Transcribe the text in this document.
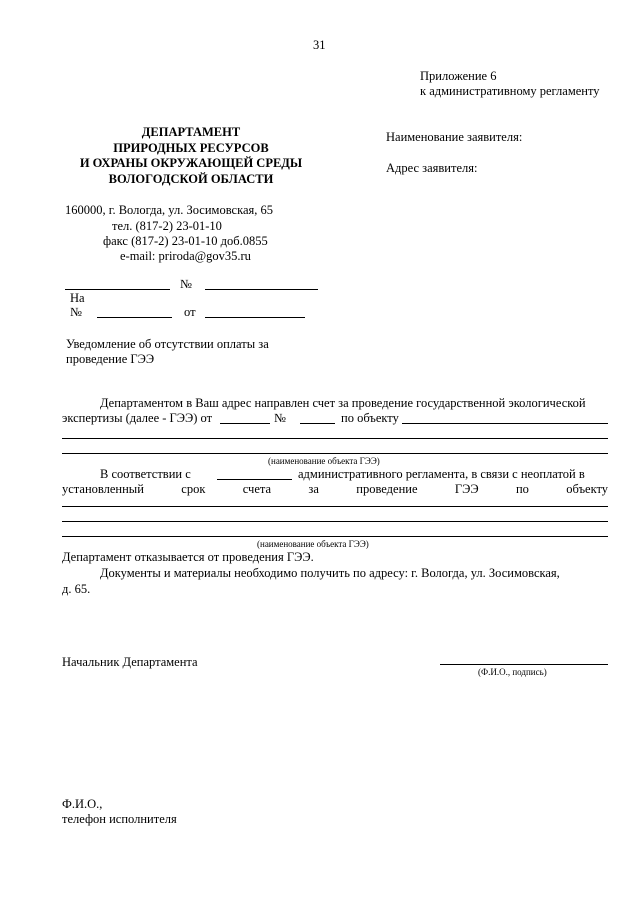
31
Приложение 6
к административному регламенту
ДЕПАРТАМЕНТ
ПРИРОДНЫХ РЕСУРСОВ
И ОХРАНЫ ОКРУЖАЮЩЕЙ СРЕДЫ
ВОЛОГОДСКОЙ ОБЛАСТИ
160000, г. Вологда, ул. Зосимовская, 65
тел. (817-2) 23-01-10
факс (817-2) 23-01-10 доб.0855
e-mail: priroda@gov35.ru
Наименование заявителя:
Адрес заявителя:
№
На
№	от
Уведомление об отсутствии оплаты за
проведение ГЭЭ
Департаментом в Ваш адрес направлен счет за проведение государственной экологической
экспертизы (далее - ГЭЭ) от	№	по объекту
(наименование объекта ГЭЭ)
В соответствии с	административного регламента, в связи с неоплатой в
установленный	срок	счета	за	проведение	ГЭЭ	по	объекту
(наименование объекта ГЭЭ)
Департамент отказывается от проведения ГЭЭ.
Документы и материалы необходимо получить по адресу: г. Вологда, ул. Зосимовская,
д. 65.
Начальник Департамента
(Ф.И.О., подпись)
Ф.И.О.,
телефон исполнителя
